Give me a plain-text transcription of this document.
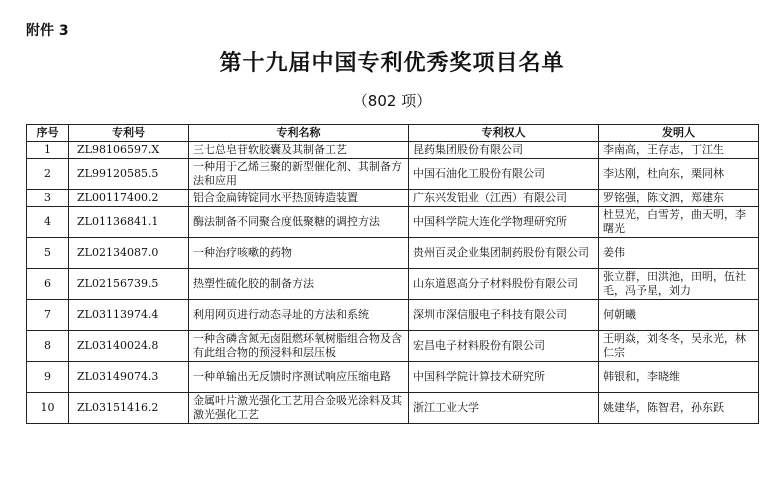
附件 3
第十九届中国专利优秀奖项目名单
（802 项）
序号	专利号	专利名称	专利权人	发明人
1	ZL98106597.X	三七总皂苷软胶囊及其制备工艺	昆药集团股份有限公司	李南高，王存志，丁江生
2	ZL99120585.5	一种用于乙烯三聚的新型催化剂、其制备方法和应用	中国石油化工股份有限公司	李达刚，杜向东，栗同林
3	ZL00117400.2	铝合金扁铸锭同水平热顶铸造装置	广东兴发铝业（江西）有限公司	罗铭强，陈文泗，郑建东
4	ZL01136841.1	酶法制备不同聚合度低聚糖的调控方法	中国科学院大连化学物理研究所	杜昱光，白雪芳，曲天明，李曙光
5	ZL02134087.0	一种治疗咳嗽的药物	贵州百灵企业集团制药股份有限公司	姜伟
6	ZL02156739.5	热塑性硫化胶的制备方法	山东道恩高分子材料股份有限公司	张立群，田洪池，田明，伍社毛，冯予星，刘力
7	ZL03113974.4	利用网页进行动态寻址的方法和系统	深圳市深信服电子科技有限公司	何朝曦
8	ZL03140024.8	一种含磷含氮无卤阻燃环氧树脂组合物及含有此组合物的预浸料和层压板	宏昌电子材料股份有限公司	王明焱，刘冬冬，吴永光，林仁宗
9	ZL03149074.3	一种单输出无反馈时序测试响应压缩电路	中国科学院计算技术研究所	韩银和，李晓维
10	ZL03151416.2	金属叶片激光强化工艺用合金吸光涂料及其激光强化工艺	浙江工业大学	姚建华，陈智君，孙东跃
